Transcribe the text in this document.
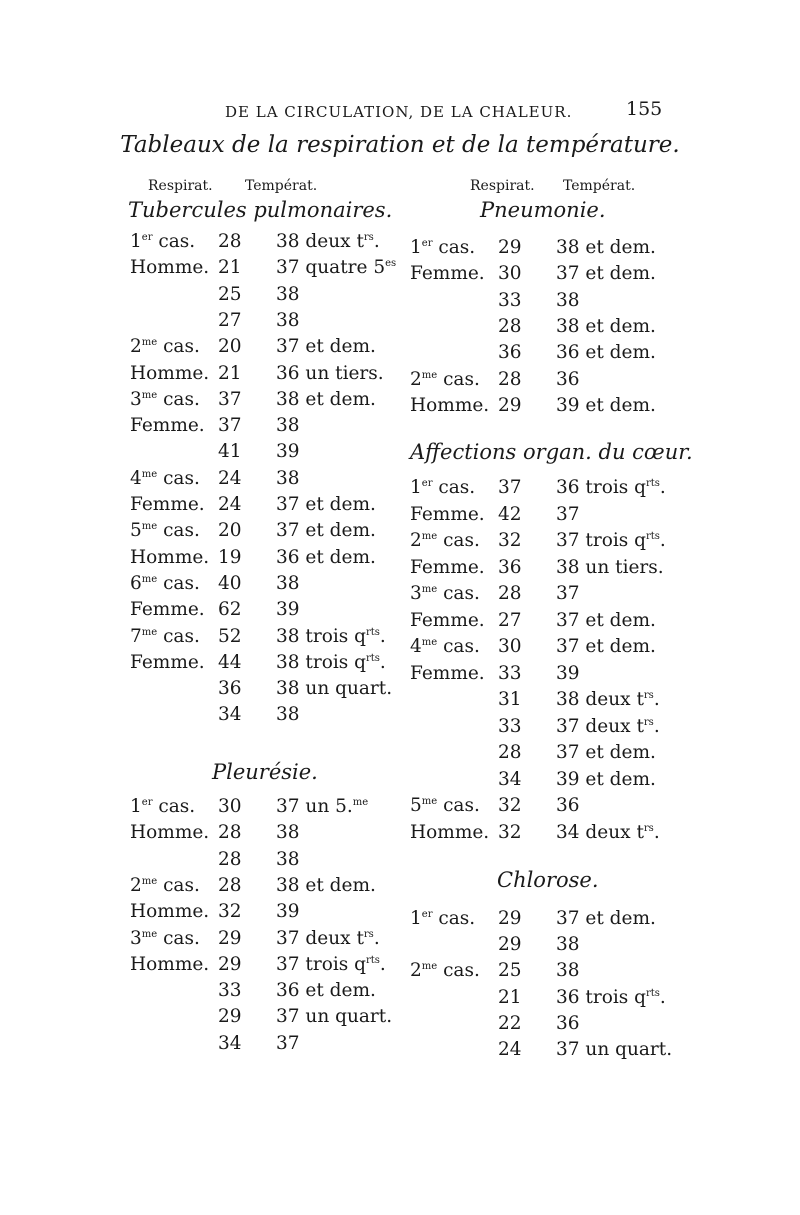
DE LA CIRCULATION, DE LA CHALEUR.	155
Tableaux de la respiration et de la température.
Respirat. Températ.	Respirat. Températ.
Tubercules pulmonaires.
1er cas. 28 38 deux $t^{rs}$.
Homme. 21 37 quatre $5^{es}$
25 38
27 38
$2^{me}$ cas. 20 37 et dem.
Homme. 21 36 un tiers.
$3^{me}$ cas. 37 38 et dem.
Femme. 37 38
41 39
$4^{me}$ cas. 24 38
Femme. 24 37 et dem.
$5^{me}$ cas. 20 37 et dem.
Homme. 19 36 et dem.
$6^{me}$ cas. 40 38
Femme. 62 39
$7^{me}$ cas. 52 38 trois $q^{rts}$.
Femme. 44 38 trois $q^{rts}$.
36 38 un quart.
34 38
Pleurésie.
1er cas. 30 37 un 5.$^{me}$
Homme. 28 38
28 38
$2^{me}$ cas. 28 38 et dem.
Homme. 32 39
$3^{me}$ cas. 29 37 deux $t^{rs}$.
Homme. 29 37 trois $q^{rts}$.
33 36 et dem.
29 37 un quart.
34 37
Pneumonie.
1er cas. 29 38 et dem.
Femme. 30 37 et dem.
33 38
28 38 et dem.
36 36 et dem.
$2^{me}$ cas. 28 36
Homme. 29 39 et dem.
Affections organ. du cœur.
1er cas. 37 36 trois $q^{rts}$.
Femme. 42 37
$2^{me}$ cas. 32 37 trois $q^{rts}$.
Femme. 36 38 un tiers.
$3^{me}$ cas. 28 37
Femme. 27 37 et dem.
$4^{me}$ cas. 30 37 et dem.
Femme. 33 39
31 38 deux $t^{rs}$.
33 37 deux $t^{rs}$.
28 37 et dem.
34 39 et dem.
$5^{me}$ cas. 32 36
Homme. 32 34 deux $t^{rs}$.
Chlorose.
1er cas. 29 37 et dem.
29 38
$2^{me}$ cas. 25 38
21 36 trois $q^{rts}$.
22 36
24 37 un quart.
